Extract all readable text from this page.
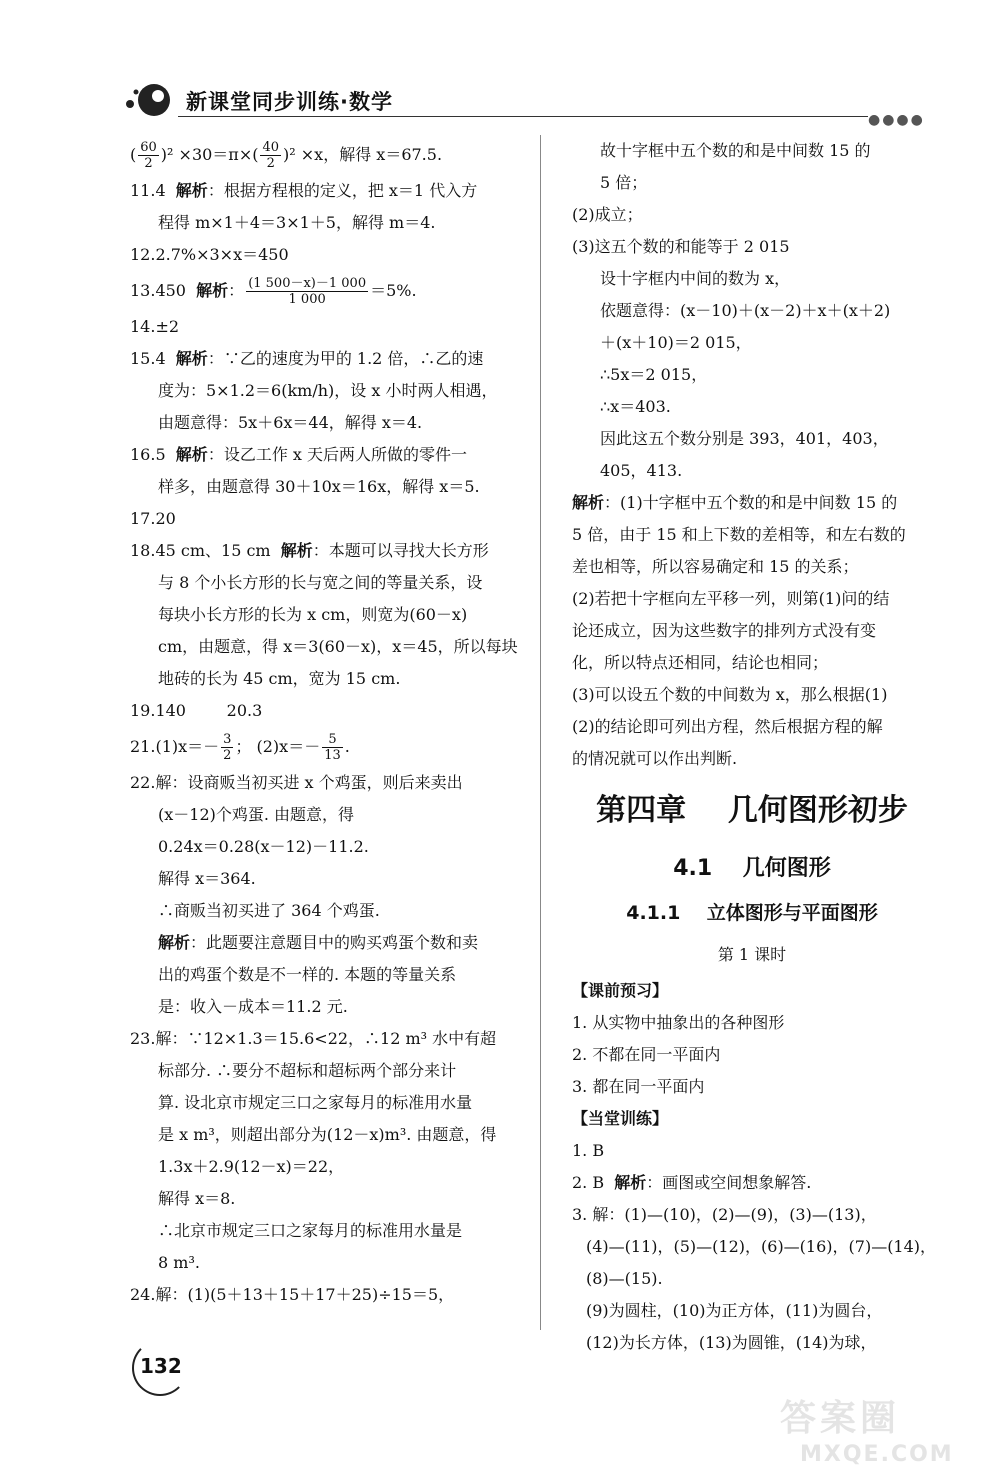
新课堂同步训练·数学
●●●●
( $\frac{60}{2} )^2 \times 30=\pi\times( \frac{40}{2} )^2 \times x$，解得 x＝67.5.
11.4 解析：根据方程根的定义，把 x＝1 代入方
程得 m×1＋4＝3×1＋5，解得 m＝4.
12.2.7%×3×x＝450
13.450 解析： $\frac{(1 500-x)-1 000}{1 000} =5\%$.
14.±2
15.4 解析：∵乙的速度为甲的 1.2 倍，∴乙的速
度为：5×1.2＝6(km/h)，设 x 小时两人相遇，
由题意得：5x＋6x＝44，解得 x＝4.
16.5 解析：设乙工作 x 天后两人所做的零件一
样多，由题意得 30＋10x＝16x，解得 x＝5.
17.20
18.45 cm、15 cm 解析：本题可以寻找大长方形
与 8 个小长方形的长与宽之间的等量关系，设
每块小长方形的长为 x cm，则宽为(60－x)
cm，由题意，得 x＝3(60－x)，x＝45，所以每块
地砖的长为 45 cm，宽为 15 cm.
19.140        20.3
$21.(1)x=- \frac{3}{2}$ ； $(2)x=- \frac{5}{13}$ .
22.解：设商贩当初买进 x 个鸡蛋，则后来卖出
(x－12)个鸡蛋. 由题意，得
0.24x＝0.28(x－12)－11.2.
解得 x＝364.
∴商贩当初买进了 364 个鸡蛋.
解析：此题要注意题目中的购买鸡蛋个数和卖
出的鸡蛋个数是不一样的. 本题的等量关系
是：收入－成本＝11.2 元.
23.解：∵12×1.3＝15.6<22，∴12 m³ 水中有超
标部分. ∴要分不超标和超标两个部分来计
算. 设北京市规定三口之家每月的标准用水量
是 x m³，则超出部分为(12－x)m³. 由题意，得
1.3x＋2.9(12－x)＝22，
解得 x＝8.
∴北京市规定三口之家每月的标准用水量是
8 m³.
24.解：(1)(5＋13＋15＋17＋25)÷15＝5，
故十字框中五个数的和是中间数 15 的
5 倍；
(2)成立；
(3)这五个数的和能等于 2 015
设十字框内中间的数为 x，
依题意得：(x－10)＋(x－2)＋x＋(x＋2)
＋(x＋10)＝2 015，
∴5x＝2 015，
∴x＝403.
因此这五个数分别是 393，401，403，
405，413.
解析：(1)十字框中五个数的和是中间数 15 的
5 倍，由于 15 和上下数的差相等，和左右数的
差也相等，所以容易确定和 15 的关系；
(2)若把十字框向左平移一列，则第(1)问的结
论还成立，因为这些数字的排列方式没有变
化，所以特点还相同，结论也相同；
(3)可以设五个数的中间数为 x，那么根据(1)
(2)的结论即可列出方程，然后根据方程的解
的情况就可以作出判断.
第四章    几何图形初步
4.1    几何图形
4.1.1    立体图形与平面图形
第 1 课时
【课前预习】
1. 从实物中抽象出的各种图形
2. 不都在同一平面内
3. 都在同一平面内
【当堂训练】
1. B
2. B 解析：画图或空间想象解答.
3. 解：(1)—(10)，(2)—(9)，(3)—(13)，
(4)—(11)，(5)—(12)，(6)—(16)，(7)—(14)，
(8)—(15).
(9)为圆柱，(10)为正方体，(11)为圆台，
(12)为长方体，(13)为圆锥，(14)为球，
132
答案圈
MXQE.COM
